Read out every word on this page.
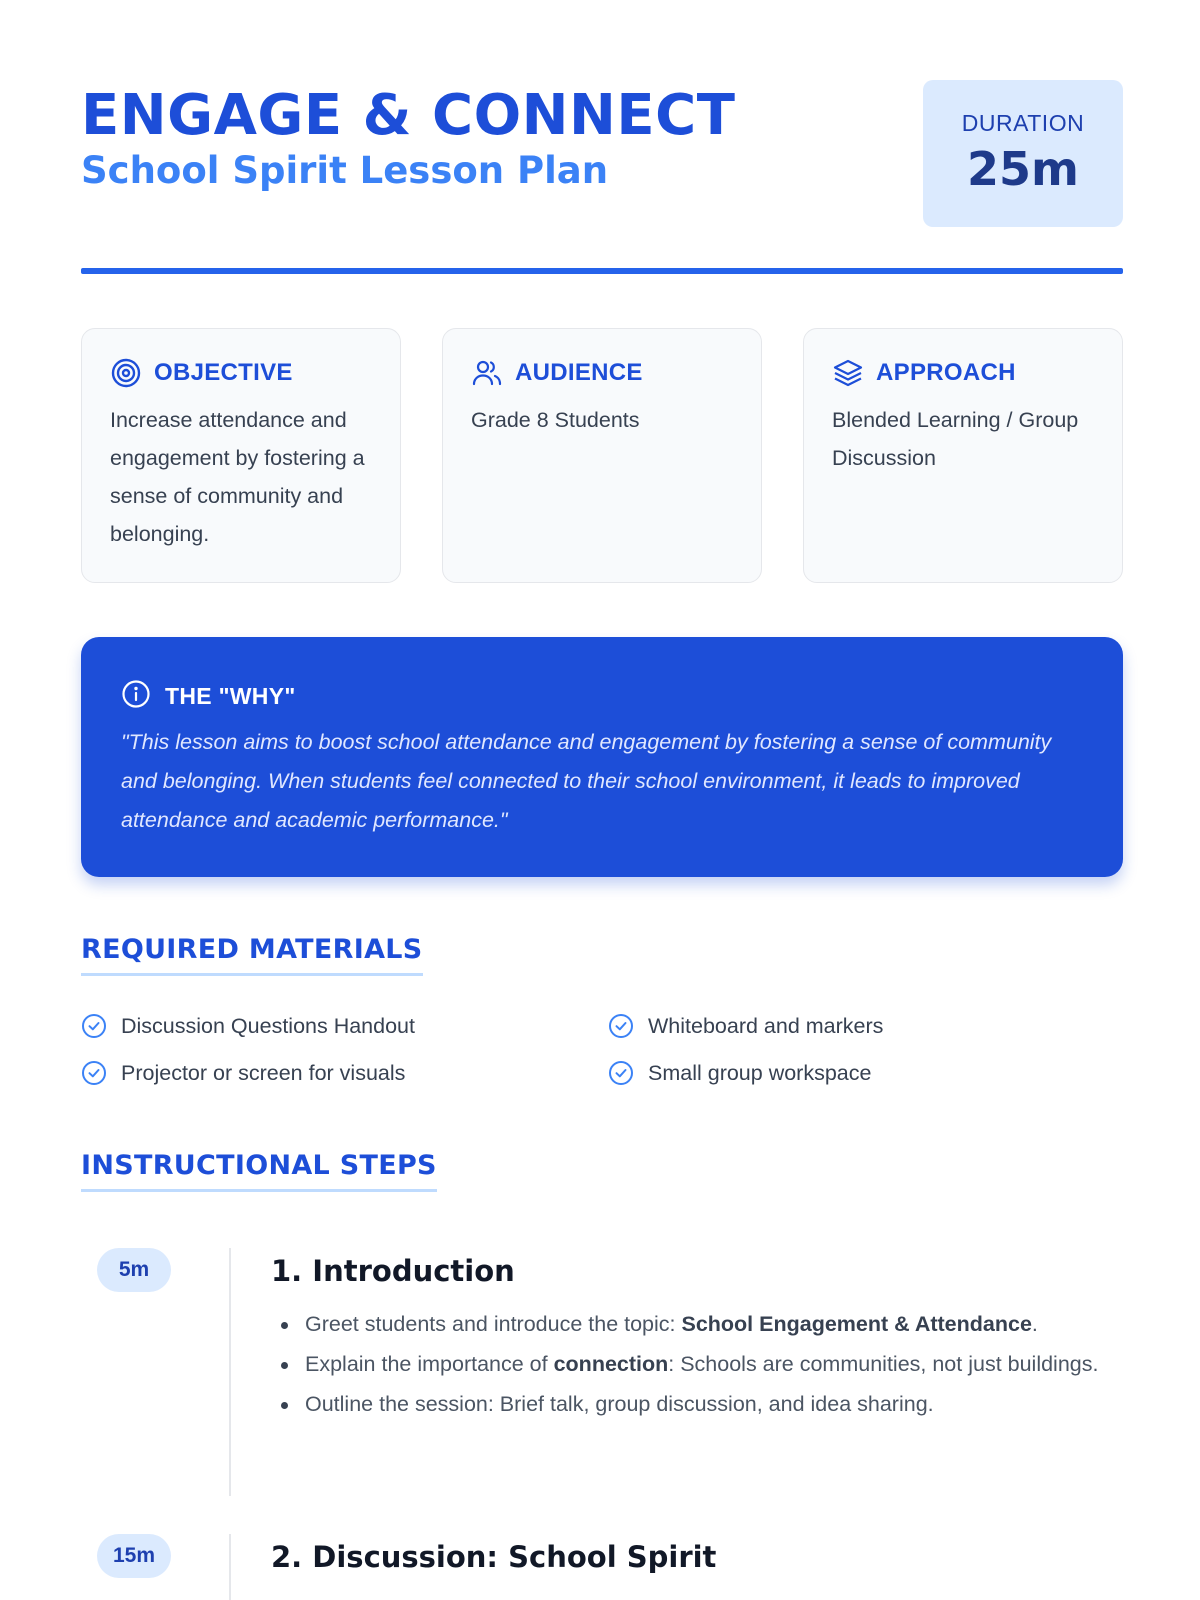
ENGAGE & CONNECT
School Spirit Lesson Plan
DURATION
25m
OBJECTIVE
Increase attendance and engagement by fostering a sense of community and belonging.
AUDIENCE
Grade 8 Students
APPROACH
Blended Learning / Group Discussion
THE "WHY"
"This lesson aims to boost school attendance and engagement by fostering a sense of community and belonging. When students feel connected to their school environment, it leads to improved attendance and academic performance."
REQUIRED MATERIALS
Discussion Questions Handout	Whiteboard and markers
Projector or screen for visuals	Small group workspace
INSTRUCTIONAL STEPS
5m	1. Introduction
Greet students and introduce the topic: School Engagement & Attendance.
Explain the importance of connection: Schools are communities, not just buildings.
Outline the session: Brief talk, group discussion, and idea sharing.
15m	2. Discussion: School Spirit
